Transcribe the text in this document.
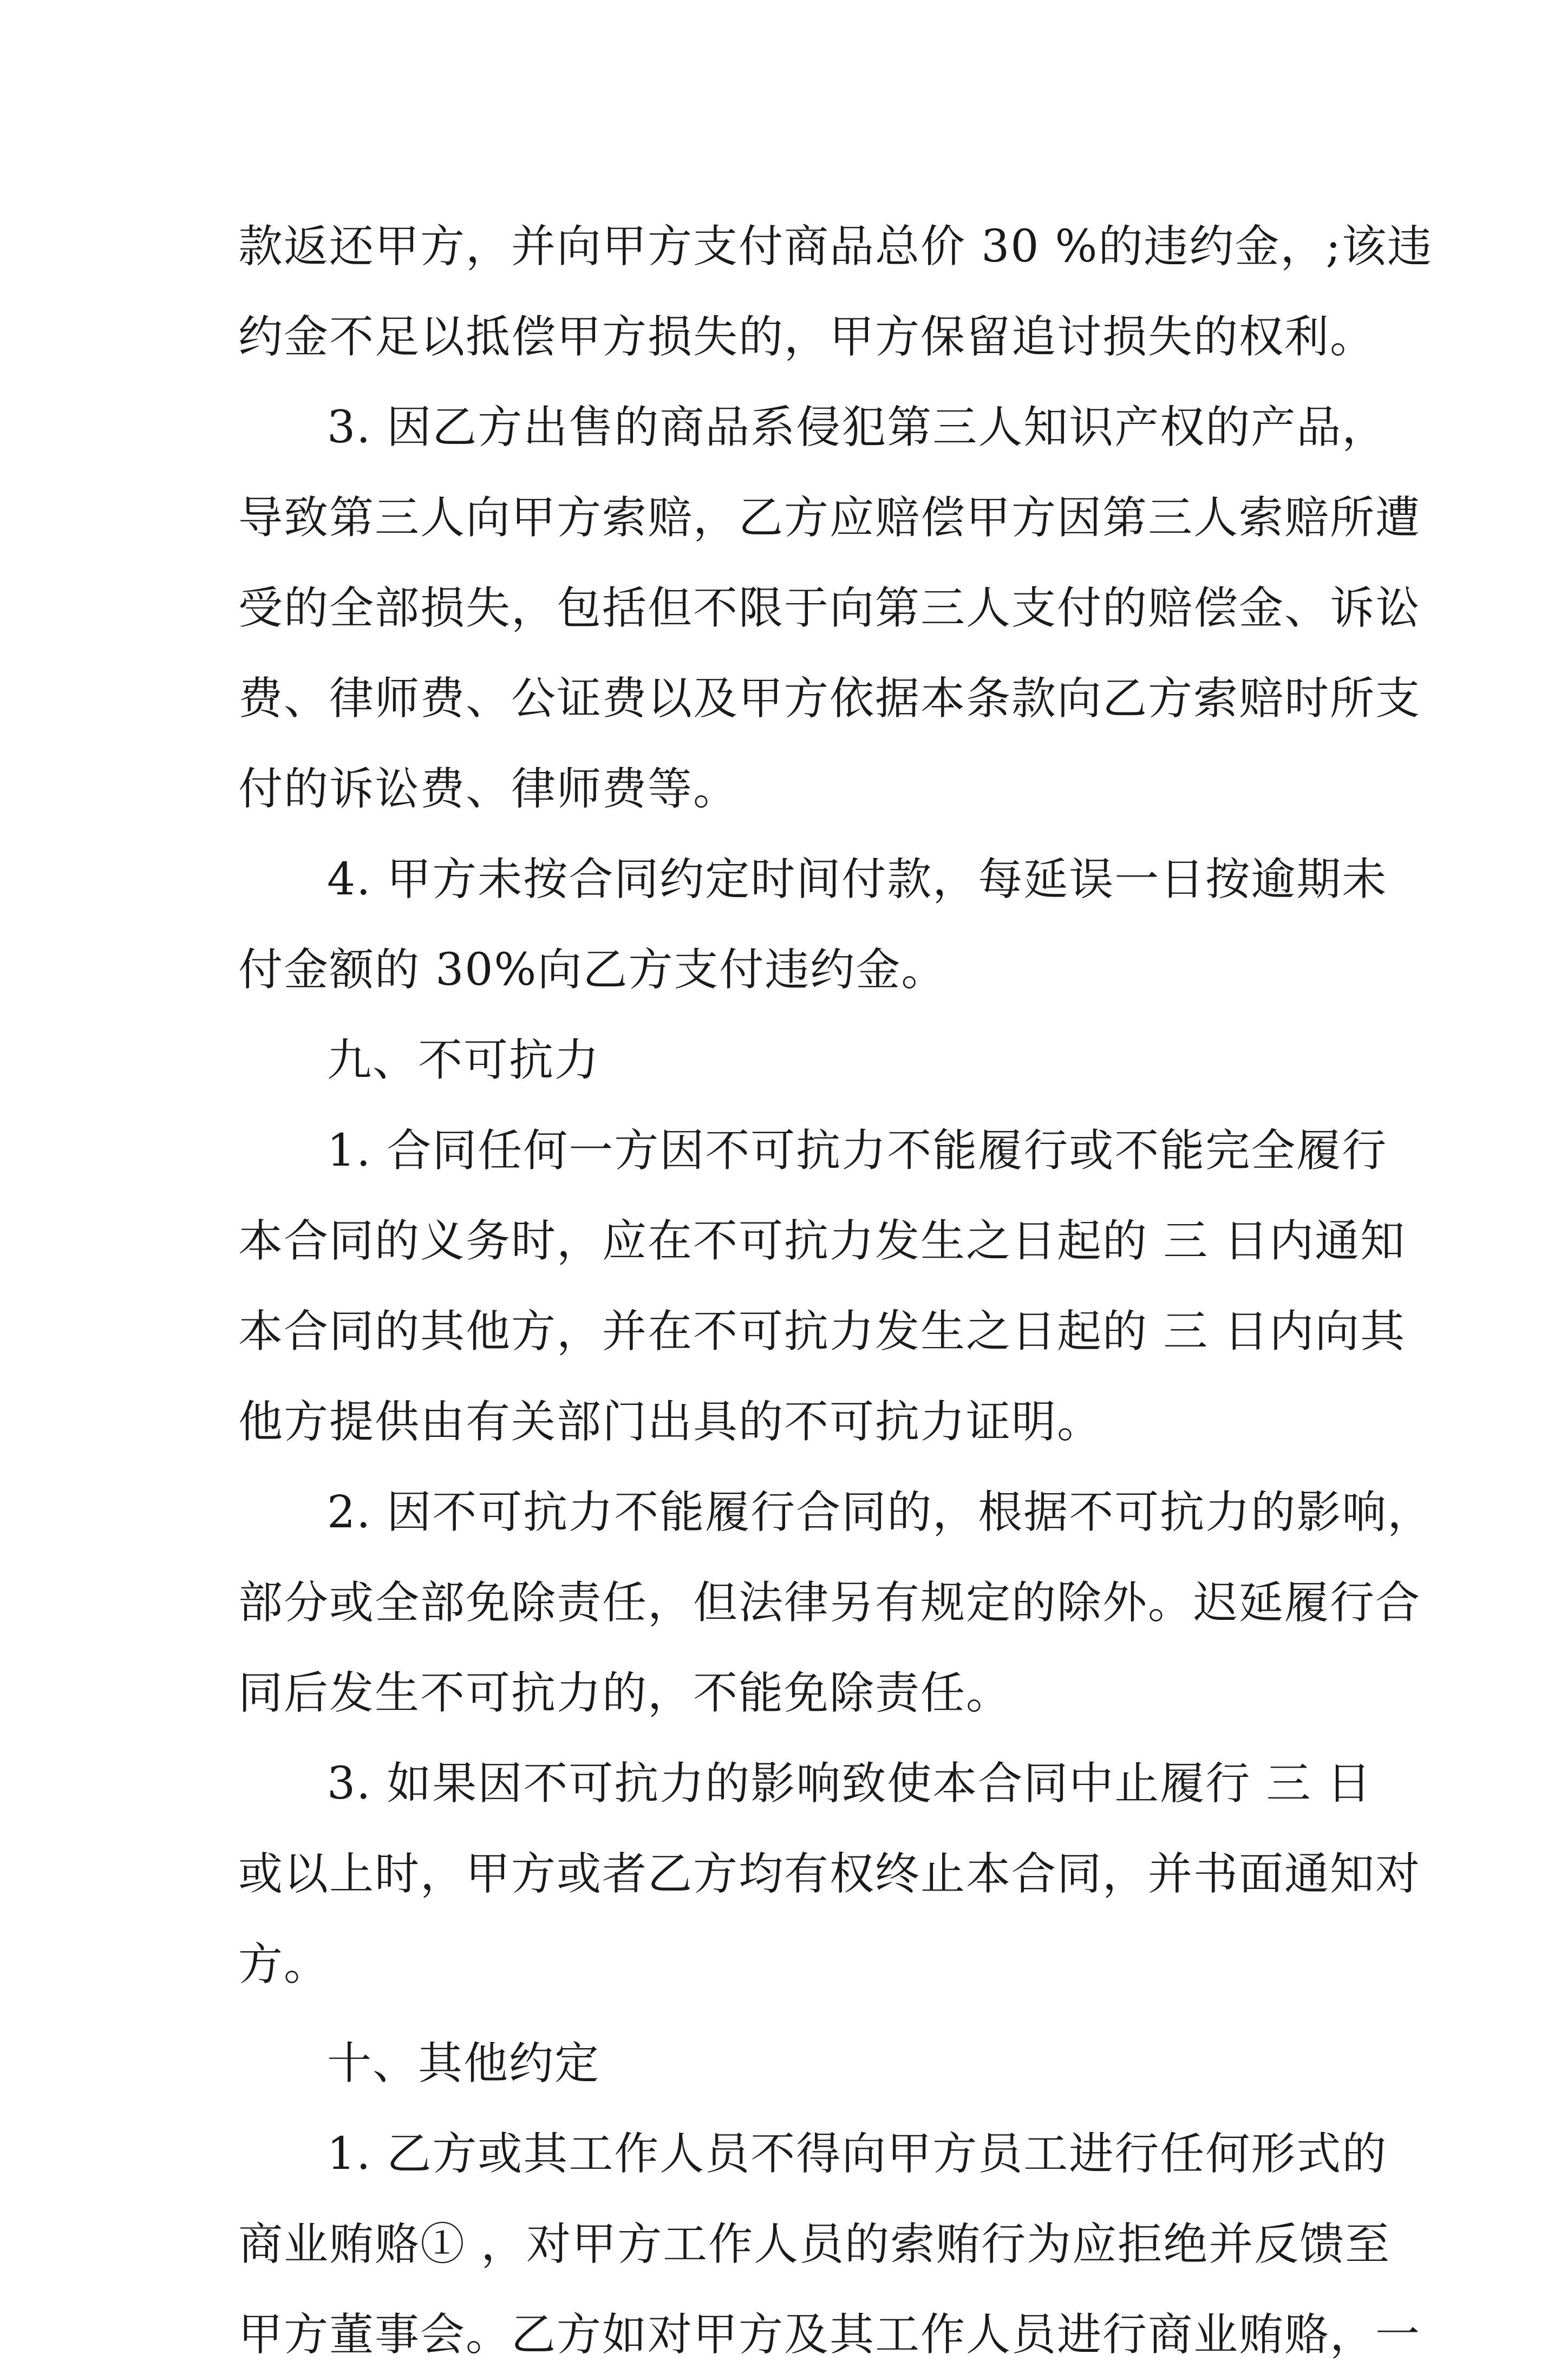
款返还甲方，并向甲方支付商品总价 30 %的违约金，;该违
约金不足以抵偿甲方损失的，甲方保留追讨损失的权利。
3. 因乙方出售的商品系侵犯第三人知识产权的产品，
导致第三人向甲方索赔，乙方应赔偿甲方因第三人索赔所遭
受的全部损失，包括但不限于向第三人支付的赔偿金、诉讼
费、律师费、公证费以及甲方依据本条款向乙方索赔时所支
付的诉讼费、律师费等。
4. 甲方未按合同约定时间付款，每延误一日按逾期未
付金额的 30%向乙方支付违约金。
九、不可抗力
1. 合同任何一方因不可抗力不能履行或不能完全履行
本合同的义务时，应在不可抗力发生之日起的 三 日内通知
本合同的其他方，并在不可抗力发生之日起的 三 日内向其
他方提供由有关部门出具的不可抗力证明。
2. 因不可抗力不能履行合同的，根据不可抗力的影响，
部分或全部免除责任，但法律另有规定的除外。迟延履行合
同后发生不可抗力的，不能免除责任。
3. 如果因不可抗力的影响致使本合同中止履行 三 日
或以上时，甲方或者乙方均有权终止本合同，并书面通知对
方。
十、其他约定
1. 乙方或其工作人员不得向甲方员工进行任何形式的
商业贿赂① ，对甲方工作人员的索贿行为应拒绝并反馈至
甲方董事会。乙方如对甲方及其工作人员进行商业贿赂，一
